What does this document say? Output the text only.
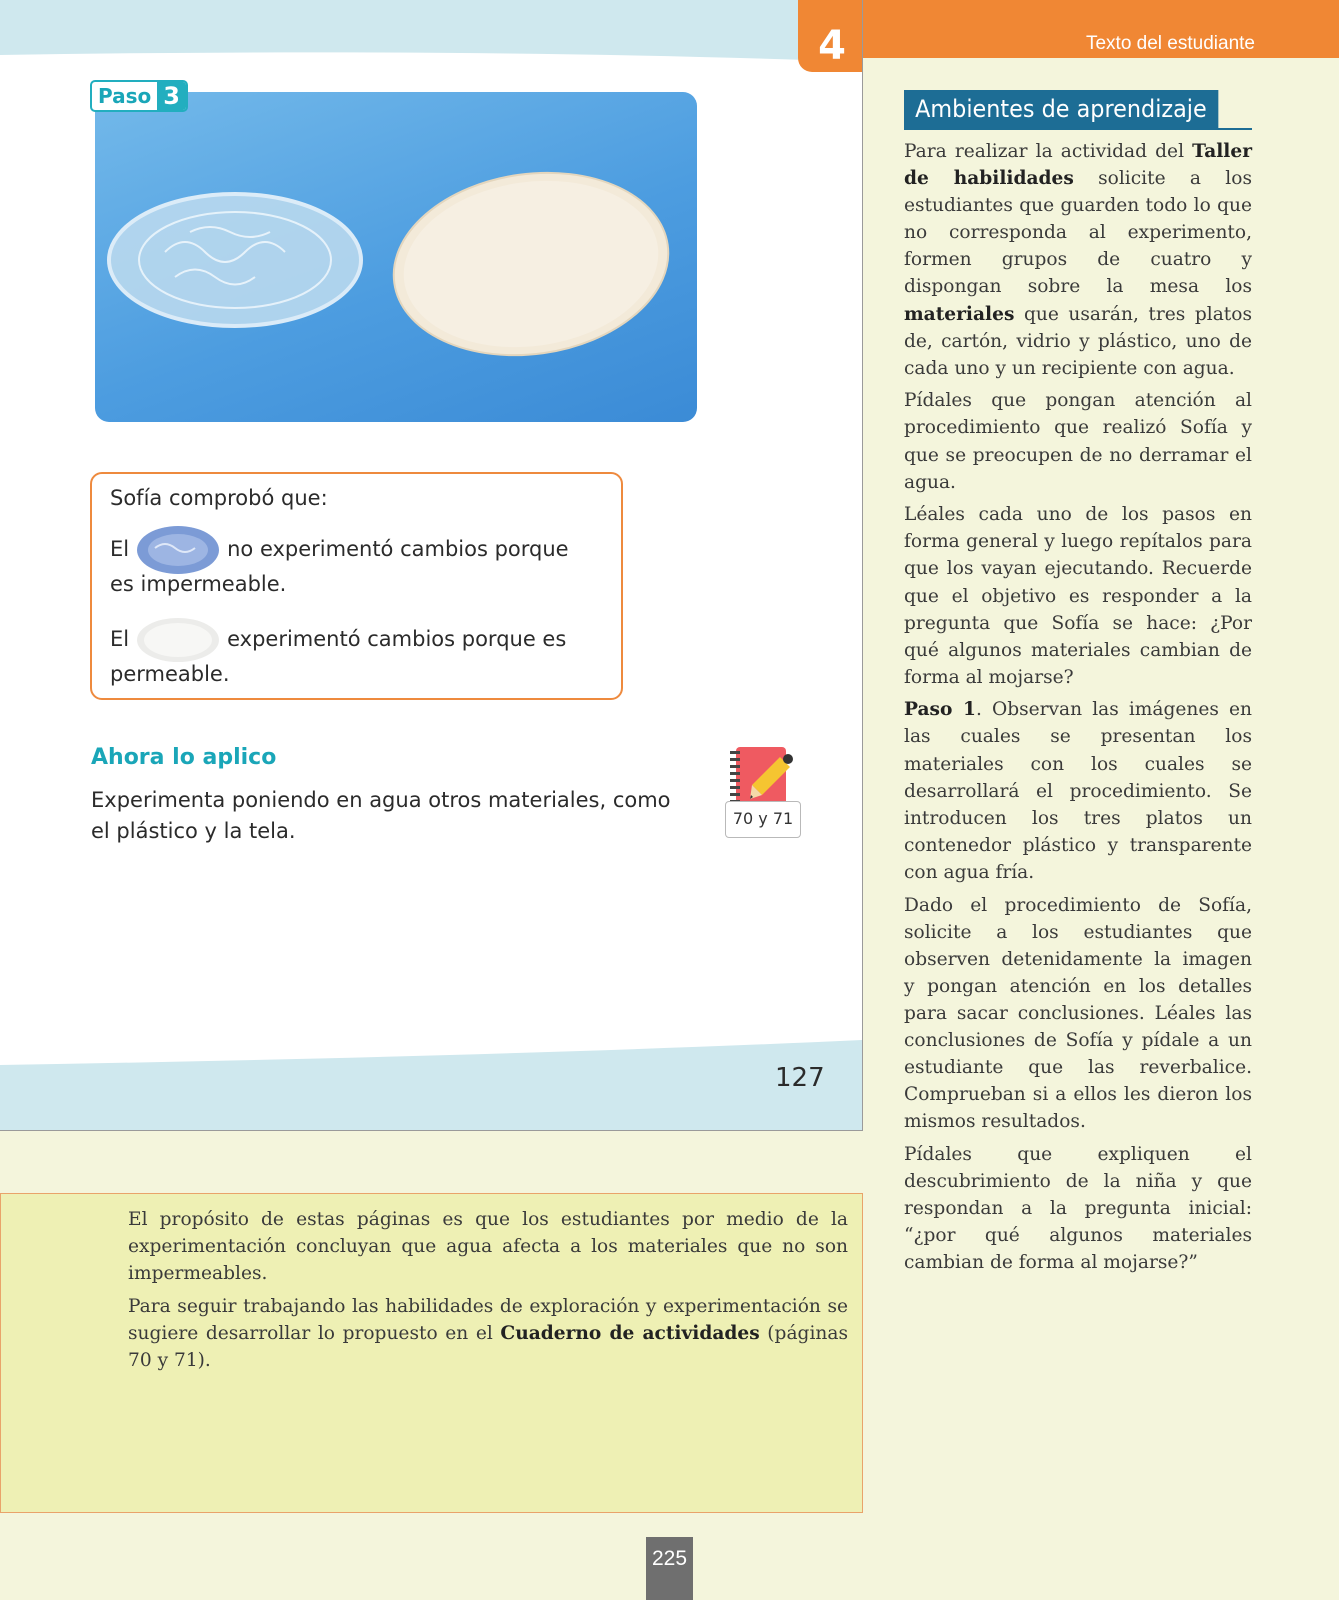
Paso 3
Sofía comprobó que:
El	no experimentó cambios porque
es impermeable.
El	experimentó cambios porque es
permeable.
Ahora lo aplico
Experimenta poniendo en agua otros materiales, como el plástico y la tela.
70 y 71
127
4	Texto del estudiante
Ambientes de aprendizaje

Para realizar la actividad del Taller de habilidades solicite a los estudiantes que guarden todo lo que no corresponda al experimento, formen grupos de cuatro y dispongan sobre la mesa los materiales que usarán, tres platos de, cartón, vidrio y plástico, uno de cada uno y un recipiente con agua.

Pídales que pongan atención al procedimiento que realizó Sofía y que se preocupen de no derramar el agua.

Léales cada uno de los pasos en forma general y luego repítalos para que los vayan ejecutando. Recuerde que el objetivo es responder a la pregunta que Sofía se hace: ¿Por qué algunos materiales cambian de forma al mojarse?

Paso 1. Observan las imágenes en las cuales se presentan los materiales con los cuales se desarrollará el procedimiento. Se introducen los tres platos un contenedor plástico y transparente con agua fría.

Dado el procedimiento de Sofía, solicite a los estudiantes que observen detenidamente la imagen y pongan atención en los detalles para sacar conclusiones. Léales las conclusiones de Sofía y pídale a un estudiante que las reverbalice. Comprueban si a ellos les dieron los mismos resultados.

Pídales que expliquen el descubrimiento de la niña y que respondan a la pregunta inicial: “¿por qué algunos materiales cambian de forma al mojarse?”

El propósito de estas páginas es que los estudiantes por medio de la experimentación concluyan que agua afecta a los materiales que no son impermeables.

Para seguir trabajando las habilidades de exploración y experimentación se sugiere desarrollar lo propuesto en el Cuaderno de actividades (páginas 70 y 71).

225
